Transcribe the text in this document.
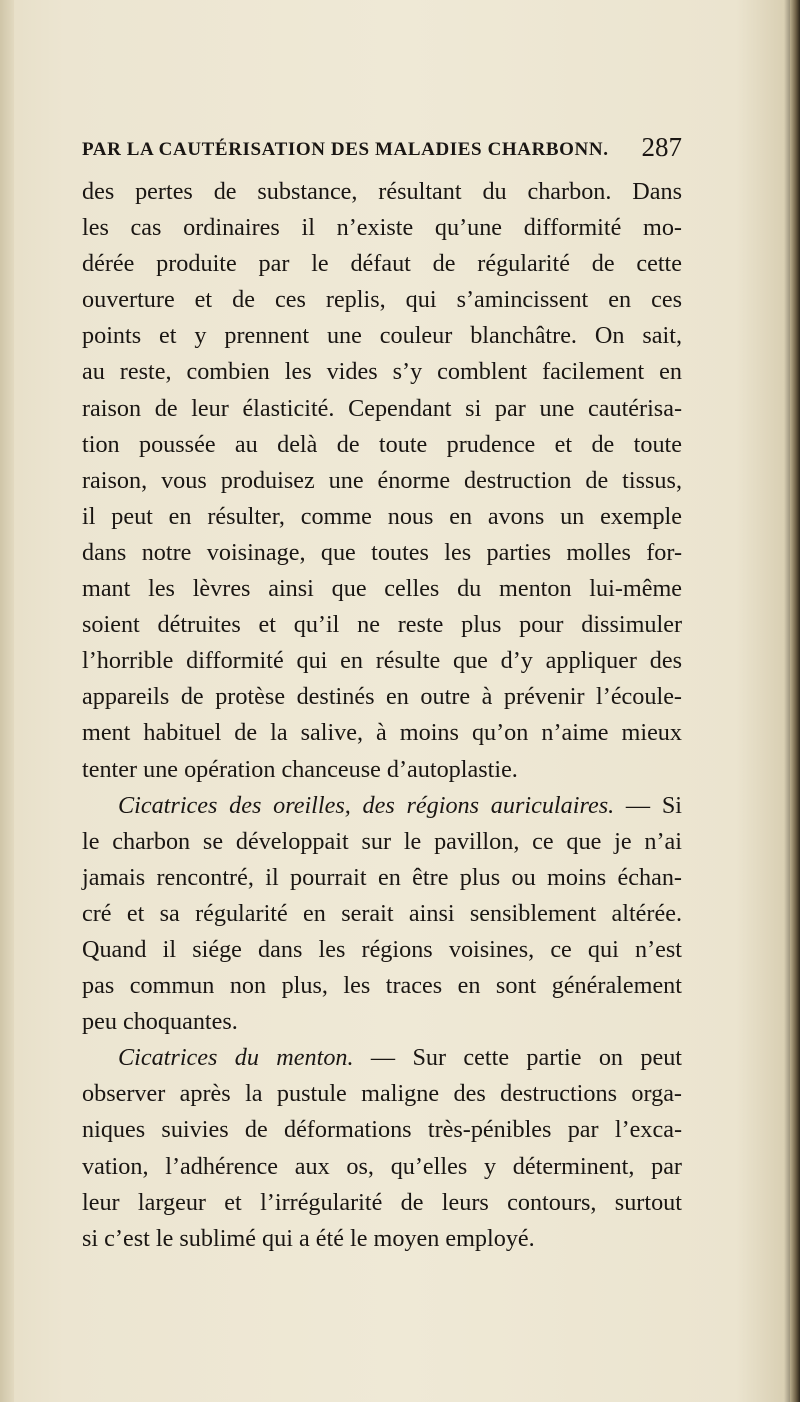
PAR LA CAUTÉRISATION DES MALADIES CHARBONN. 287
des pertes de substance, résultant du charbon. Dans
les cas ordinaires il n’existe qu’une difformité mo-
dérée produite par le défaut de régularité de cette
ouverture et de ces replis, qui s’amincissent en ces
points et y prennent une couleur blanchâtre. On sait,
au reste, combien les vides s’y comblent facilement en
raison de leur élasticité. Cependant si par une cautérisa-
tion poussée au delà de toute prudence et de toute
raison, vous produisez une énorme destruction de tissus,
il peut en résulter, comme nous en avons un exemple
dans notre voisinage, que toutes les parties molles for-
mant les lèvres ainsi que celles du menton lui-même
soient détruites et qu’il ne reste plus pour dissimuler
l’horrible difformité qui en résulte que d’y appliquer des
appareils de protèse destinés en outre à prévenir l’écoule-
ment habituel de la salive, à moins qu’on n’aime mieux
tenter une opération chanceuse d’autoplastie.
Cicatrices des oreilles, des régions auriculaires. — Si
le charbon se développait sur le pavillon, ce que je n’ai
jamais rencontré, il pourrait en être plus ou moins échan-
cré et sa régularité en serait ainsi sensiblement altérée.
Quand il siége dans les régions voisines, ce qui n’est
pas commun non plus, les traces en sont généralement
peu choquantes.
Cicatrices du menton. — Sur cette partie on peut
observer après la pustule maligne des destructions orga-
niques suivies de déformations très-pénibles par l’exca-
vation, l’adhérence aux os, qu’elles y déterminent, par
leur largeur et l’irrégularité de leurs contours, surtout
si c’est le sublimé qui a été le moyen employé.
